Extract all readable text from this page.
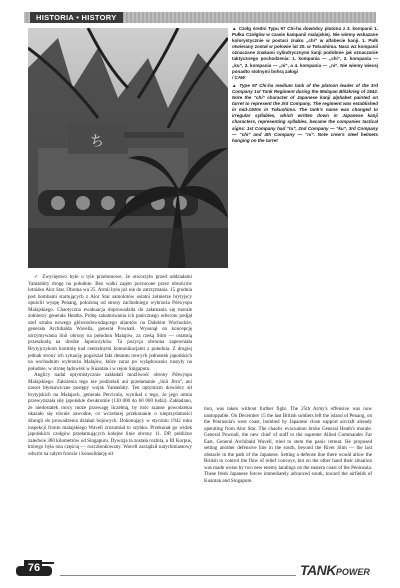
HISTORIA • HISTORY
ち
▲ Czołg średni Typu 97 Chi-ha dowódcy plutonu z 3. kompanii 1. Pułku Czołgów w czasie kampanii malajskiej. Nie wiemy wskazane kolorystycznie w postaci znaku „chi” w alfabecie kanji. 1. Pułk otwierany został w połowie lat 20. w Tokushima. Nasz wz kompanii oznaczane znakami cylindrycznymi kanji podobnie jak oznaczanie taktycznego pochodzenia: 1. kompania — „chi”, 2. kompania — „ku”, 3. kompania — „ni”, a 4. kompania — „ni”. Nie wiemy wiecej ponadto stolnymi bohrą załogi
/ CAW
▲ Type 97 Chi-ha medium tank of the platoon leader of the 3rd Company 1st Tank Regiment during the Malayan Blitzkrieg of 1942. Note the “chi” character of Japanese kanji alphabet painted on turret to represent the 3rd Company. The regiment was established in mid-1920s in Tokushima. The tank's name was changed to irregular syllables, which written down in Japanese kanji characters, representing syllables, became the companies tactical signs: 1st Company had “tu”, 2nd Company — “ku”, 3rd Company — “chi” and 4th Company — “ni”. Note crew's steel helmets hanging on the turret

✓ Zwycięstwo było o tyle przełomowe, że otworzyło przed oddziałami Yamashity drogę na południe. Bez walki zajęto porzucone przez obrońców lotnisko Alor Star. Obrona wa 25. Armii była już nie do zatrzymania. 15 grudnia pod bombami startujących z Alor Star samolotów ostatni żołnierze brytyjscy opuścili wyspę Penang, położoną od strony zachodniego wybrzeża Półwyspu Malajskiego. Chaotyczna ewakuacja doprowadziła do załamania się morale żołnierzy generała Heatha. Próbę zahamowania ich panicznego odwrotu podjął szef sztabu nowego głównodowodzącego aliantów na Dalekim Wschodzie, generała Archibalda Wavella, generał Pownall. Wysunął on koncepcję utrzymywania linii obrony na południu Malajów, za rzeką Slim — ostatnią przeszkodą na drodze Japończyków. Ta pozycja obronna zapewniała Brytyjczykom kontrolę nad centralnymi komunikacjami z południa. Z drugiej jednak strony ich sytuację pogarszał fakt desantu nowych jednostek japońskich na wschodnim wybrzeżu Malajów, które zaraz po wylądowaniu ruszyły na południe, w stronę lądowisk w Kuantan i w rejon Singapuru.

Anglicy nadal optymistycznie zakładali możliwość obrony Półwyspu Malajskiego. Założenia tego nie podzielali ani przełamanie „linii Jitra”, ani nawet błyskawiczne postępy wojsk Yamashity. Ten optymizm dowódcy sił brytyjskich na Malajach, generała Percivala, wynikał z tego, że jego armia przewyższała siły japońskie dwukrotnie (130 000 do 60 000 ludzi). Zakładano, że niedostatek mocy może przewagę liczebną, by móc szanse powodzenia okazało się równie zawodne, co wcześniej przekonanie o nieprzydatności dżungli do prowadzenia działań bojowych. Dokonujący w styczniu 1942 roku inspekcji frontu malajskiego Wavell zrozumiał to szybko. Przekonał go widok japońskich czołgów przełamujących kolejne linie obrony 11. DP, pobliżno zaledwie 380 kilometrów od Singapuru. Dywizja ta została rozbita, a III Korpus, którego była ona częścią — rozczłonkowany. Wavell zarządził natychmiastowy odwrót na całym froncie i konsolidację sił

tion, was taken without further fight. The 25th Army's offensive was now unstoppable. On December 15 the last British soldiers left the island of Penang, on the Peninsula's west coast, bombed by Japanese close support aircraft already operating from Alor Star. The chaotic evacuation broke General Heath's morale. General Pownall, the new chief of staff to the supreme Allied Commander Far East, General Archibald Wavell, tried to stem the panic retreat. He proposed setting another defensive line in the south, beyond the River Slim — the last obstacle in the path of the Japanese. Setting a defense line there would allow the British to control the flow of relief convoys, but on the other hand their situation was made worse by two new enemy landings on the eastern coast of the Peninsula. These fresh Japanese forces immediately advanced south, toward the airfields of Kuantan and Singapore.

76	TANKPOWER
